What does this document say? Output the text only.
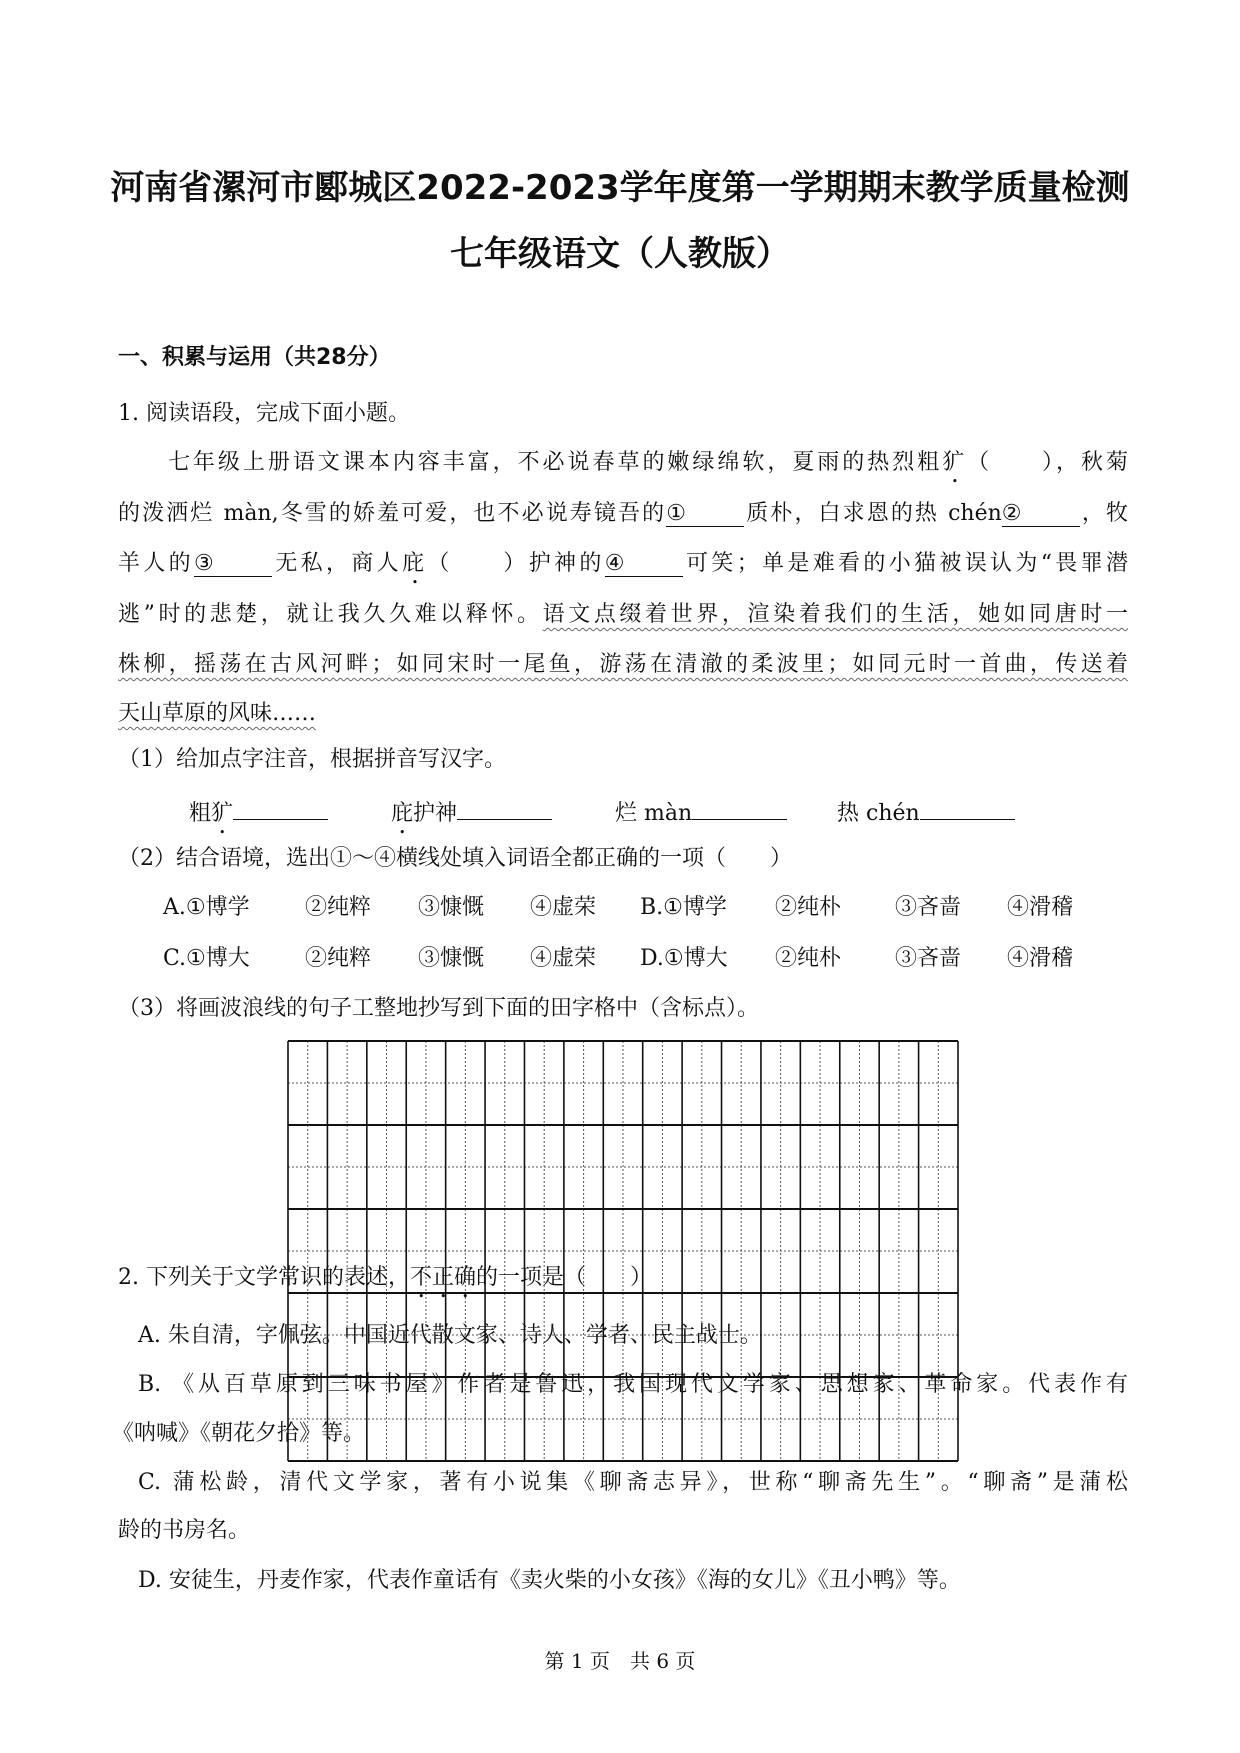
河南省漯河市郾城区2022-2023学年度第一学期期末教学质量检测
七年级语文（人教版）
一、积累与运用（共28分）
1. 阅读语段，完成下面小题。
　　七年级上册语文课本内容丰富，不必说春草的嫩绿绵软，夏雨的热烈粗犷（　　），秋菊
的泼洒烂 màn,冬雪的娇羞可爱，也不必说寿镜吾的①	质朴，白求恩的热 chén②	，牧
羊人的③	无私，商人庇（　　）护神的④	可笑；单是难看的小猫被误认为“畏罪潜
逃”时的悲楚，就让我久久难以释怀。语文点缀着世界，渲染着我们的生活，她如同唐时一
株柳，摇荡在古风河畔；如同宋时一尾鱼，游荡在清澈的柔波里；如同元时一首曲，传送着
天山草原的风味……
（1）给加点字注音，根据拼音写汉字。
粗犷	庇护神	烂 màn	热 chén
（2）结合语境，选出①～④横线处填入词语全都正确的一项（　　）
A.①博学	②纯粹 ③慷慨 ④虚荣 B.①博学 ②纯朴 ③吝啬 ④滑稽
C.①博大	②纯粹 ③慷慨 ④虚荣 D.①博大 ②纯朴 ③吝啬 ④滑稽
（3）将画波浪线的句子工整地抄写到下面的田字格中（含标点）。
2. 下列关于文学常识的表述，不正确的一项是（　　）
A. 朱自清，字佩弦。中国近代散文家、诗人、学者、民主战士。
B. 《从百草原到三味书屋》作者是鲁迅，我国现代文学家、思想家、革命家。代表作有
《呐喊》《朝花夕拾》等。
C. 蒲松龄，清代文学家，著有小说集《聊斋志异》，世称“聊斋先生”。“聊斋”是蒲松
龄的书房名。
D. 安徒生，丹麦作家，代表作童话有《卖火柴的小女孩》《海的女儿》《丑小鸭》等。
第 1 页　共 6 页
